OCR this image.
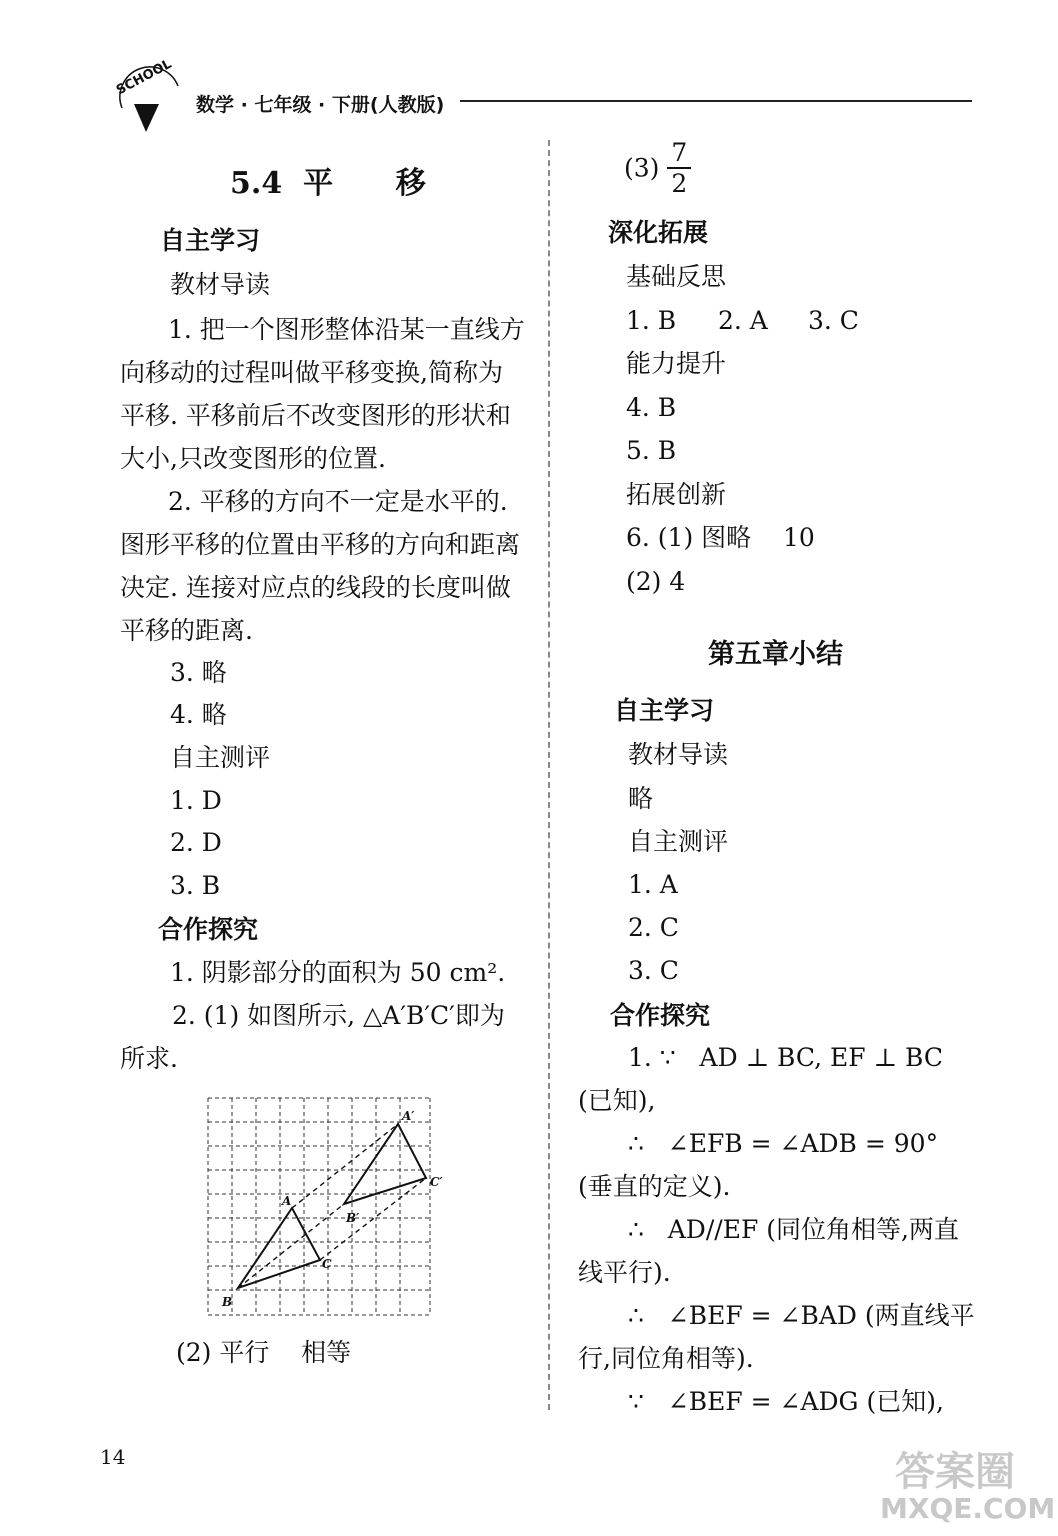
SCHOOL
数学 · 七年级 · 下册(人教版)
5.4  平      移
自主学习
教材导读
1. 把一个图形整体沿某一直线方向移动的过程叫做平移变换,简称为平移. 平移前后不改变图形的形状和大小,只改变图形的位置.
2. 平移的方向不一定是水平的. 图形平移的位置由平移的方向和距离决定. 连接对应点的线段的长度叫做平移的距离.
3. 略
4. 略
自主测评
1. D
2. D
3. B
合作探究
1. 阴影部分的面积为 50 cm².
2. (1) 如图所示, △A′B′C′即为所求.
A
B
C
A′
B′
C′
(2) 平行    相等
$(3) \frac{7}{2}$
深化拓展
基础反思
1. B 2. A 3. C
能力提升
4. B
5. B
拓展创新
6. (1) 图略    10
(2) 4
第五章小结
自主学习
教材导读
略
自主测评
1. A
2. C
3. C
合作探究
1. ∵   AD ⊥ BC, EF ⊥ BC (已知),
∴   ∠EFB = ∠ADB = 90° (垂直的定义).
∴   AD//EF (同位角相等,两直线平行).
∴   ∠BEF = ∠BAD (两直线平行,同位角相等).
∵   ∠BEF = ∠ADG (已知),
14	答案圈
MXQE.COM
